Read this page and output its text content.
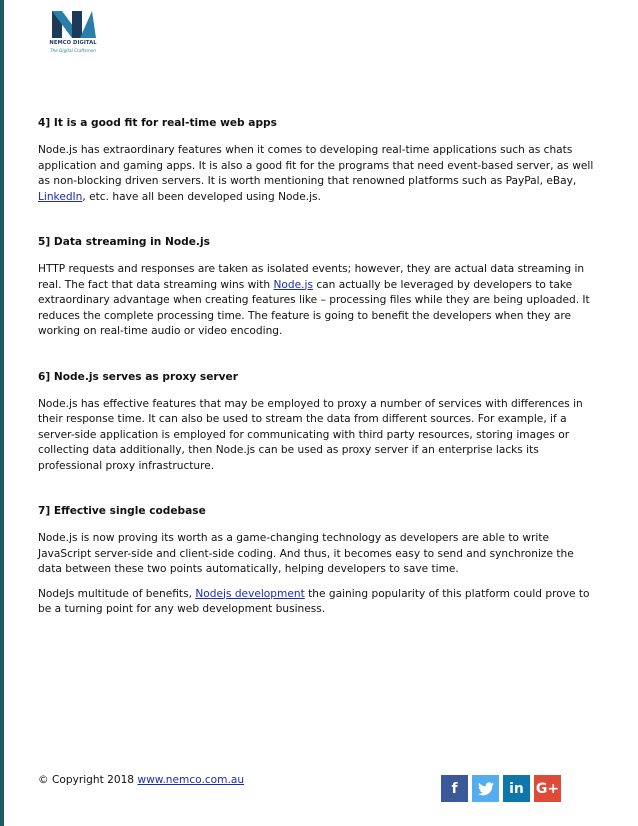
NEMCO DIGITAL
The Digital Craftsmen
4] It is a good fit for real-time web apps

Node.js has extraordinary features when it comes to developing real-time applications such as chats application and gaming apps. It is also a good fit for the programs that need event-based server, as well as non-blocking driven servers. It is worth mentioning that renowned platforms such as PayPal, eBay, LinkedIn, etc. have all been developed using Node.js.

5] Data streaming in Node.js

HTTP requests and responses are taken as isolated events; however, they are actual data streaming in real. The fact that data streaming wins with Node.js can actually be leveraged by developers to take extraordinary advantage when creating features like – processing files while they are being uploaded. It reduces the complete processing time. The feature is going to benefit the developers when they are working on real-time audio or video encoding.

6] Node.js serves as proxy server

Node.js has effective features that may be employed to proxy a number of services with differences in their response time. It can also be used to stream the data from different sources. For example, if a server-side application is employed for communicating with third party resources, storing images or collecting data additionally, then Node.js can be used as proxy server if an enterprise lacks its professional proxy infrastructure.

7] Effective single codebase

Node.js is now proving its worth as a game-changing technology as developers are able to write JavaScript server-side and client-side coding. And thus, it becomes easy to send and synchronize the data between these two points automatically, helping developers to save time.

NodeJs multitude of benefits, Nodejs development the gaining popularity of this platform could prove to be a turning point for any web development business.

© Copyright 2018 www.nemco.com.au
f	in G+
